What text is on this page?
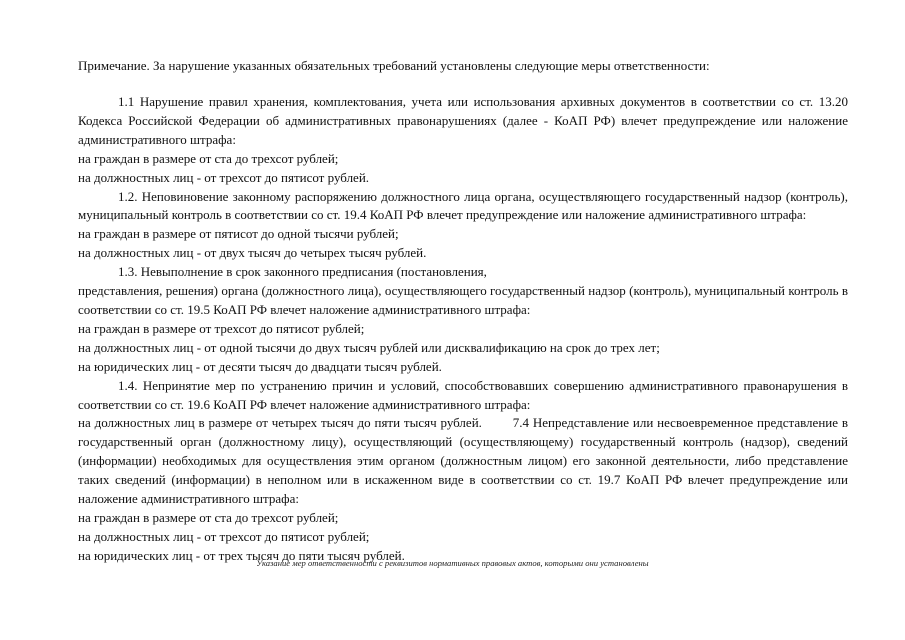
Примечание. За нарушение указанных обязательных требований установлены следующие меры ответственности:

1.1 Нарушение правил хранения, комплектования, учета или использования архивных документов в соответствии со ст. 13.20 Кодекса Российской Федерации об административных правонарушениях (далее - КоАП РФ) влечет предупреждение или наложение административного штрафа:

на граждан в размере от ста до трехсот рублей;

на должностных лиц - от трехсот до пятисот рублей.

1.2. Неповиновение законному распоряжению должностного лица органа, осуществляющего государственный надзор (контроль), муниципальный контроль в соответствии со ст. 19.4 КоАП РФ влечет предупреждение или наложение административного штрафа:

на граждан в размере от пятисот до одной тысячи рублей;

на должностных лиц - от двух тысяч до четырех тысяч рублей.

1.3. Невыполнение в срок законного предписания (постановления,

представления, решения) органа (должностного лица), осуществляющего государственный надзор (контроль), муниципальный контроль в соответствии со ст. 19.5 КоАП РФ влечет наложение административного штрафа:

на граждан в размере от трехсот до пятисот рублей;

на должностных лиц - от одной тысячи до двух тысяч рублей или дисквалификацию на срок до трех лет;

на юридических лиц - от десяти тысяч до двадцати тысяч рублей.

1.4. Непринятие мер по устранению причин и условий, способствовавших совершению административного правонарушения в соответствии со ст. 19.6 КоАП РФ влечет наложение административного штрафа:

на должностных лиц в размере от четырех тысяч до пяти тысяч рублей.        7.4 Непредставление или несвоевременное представление в государственный орган (должностному лицу), осуществляющий (осуществляющему) государственный контроль (надзор), сведений (информации) необходимых для осуществления этим органом (должностным лицом) его законной деятельности, либо представление таких сведений (информации) в неполном или в искаженном виде в соответствии со ст. 19.7 КоАП РФ влечет предупреждение или наложение административного штрафа:

на граждан в размере от ста до трехсот рублей;

на должностных лиц - от трехсот до пятисот рублей;

на юридических лиц - от трех тысяч до пяти тысяч рублей.

Указание мер ответственности с реквизитов нормативных правовых актов, которыми они установлены
